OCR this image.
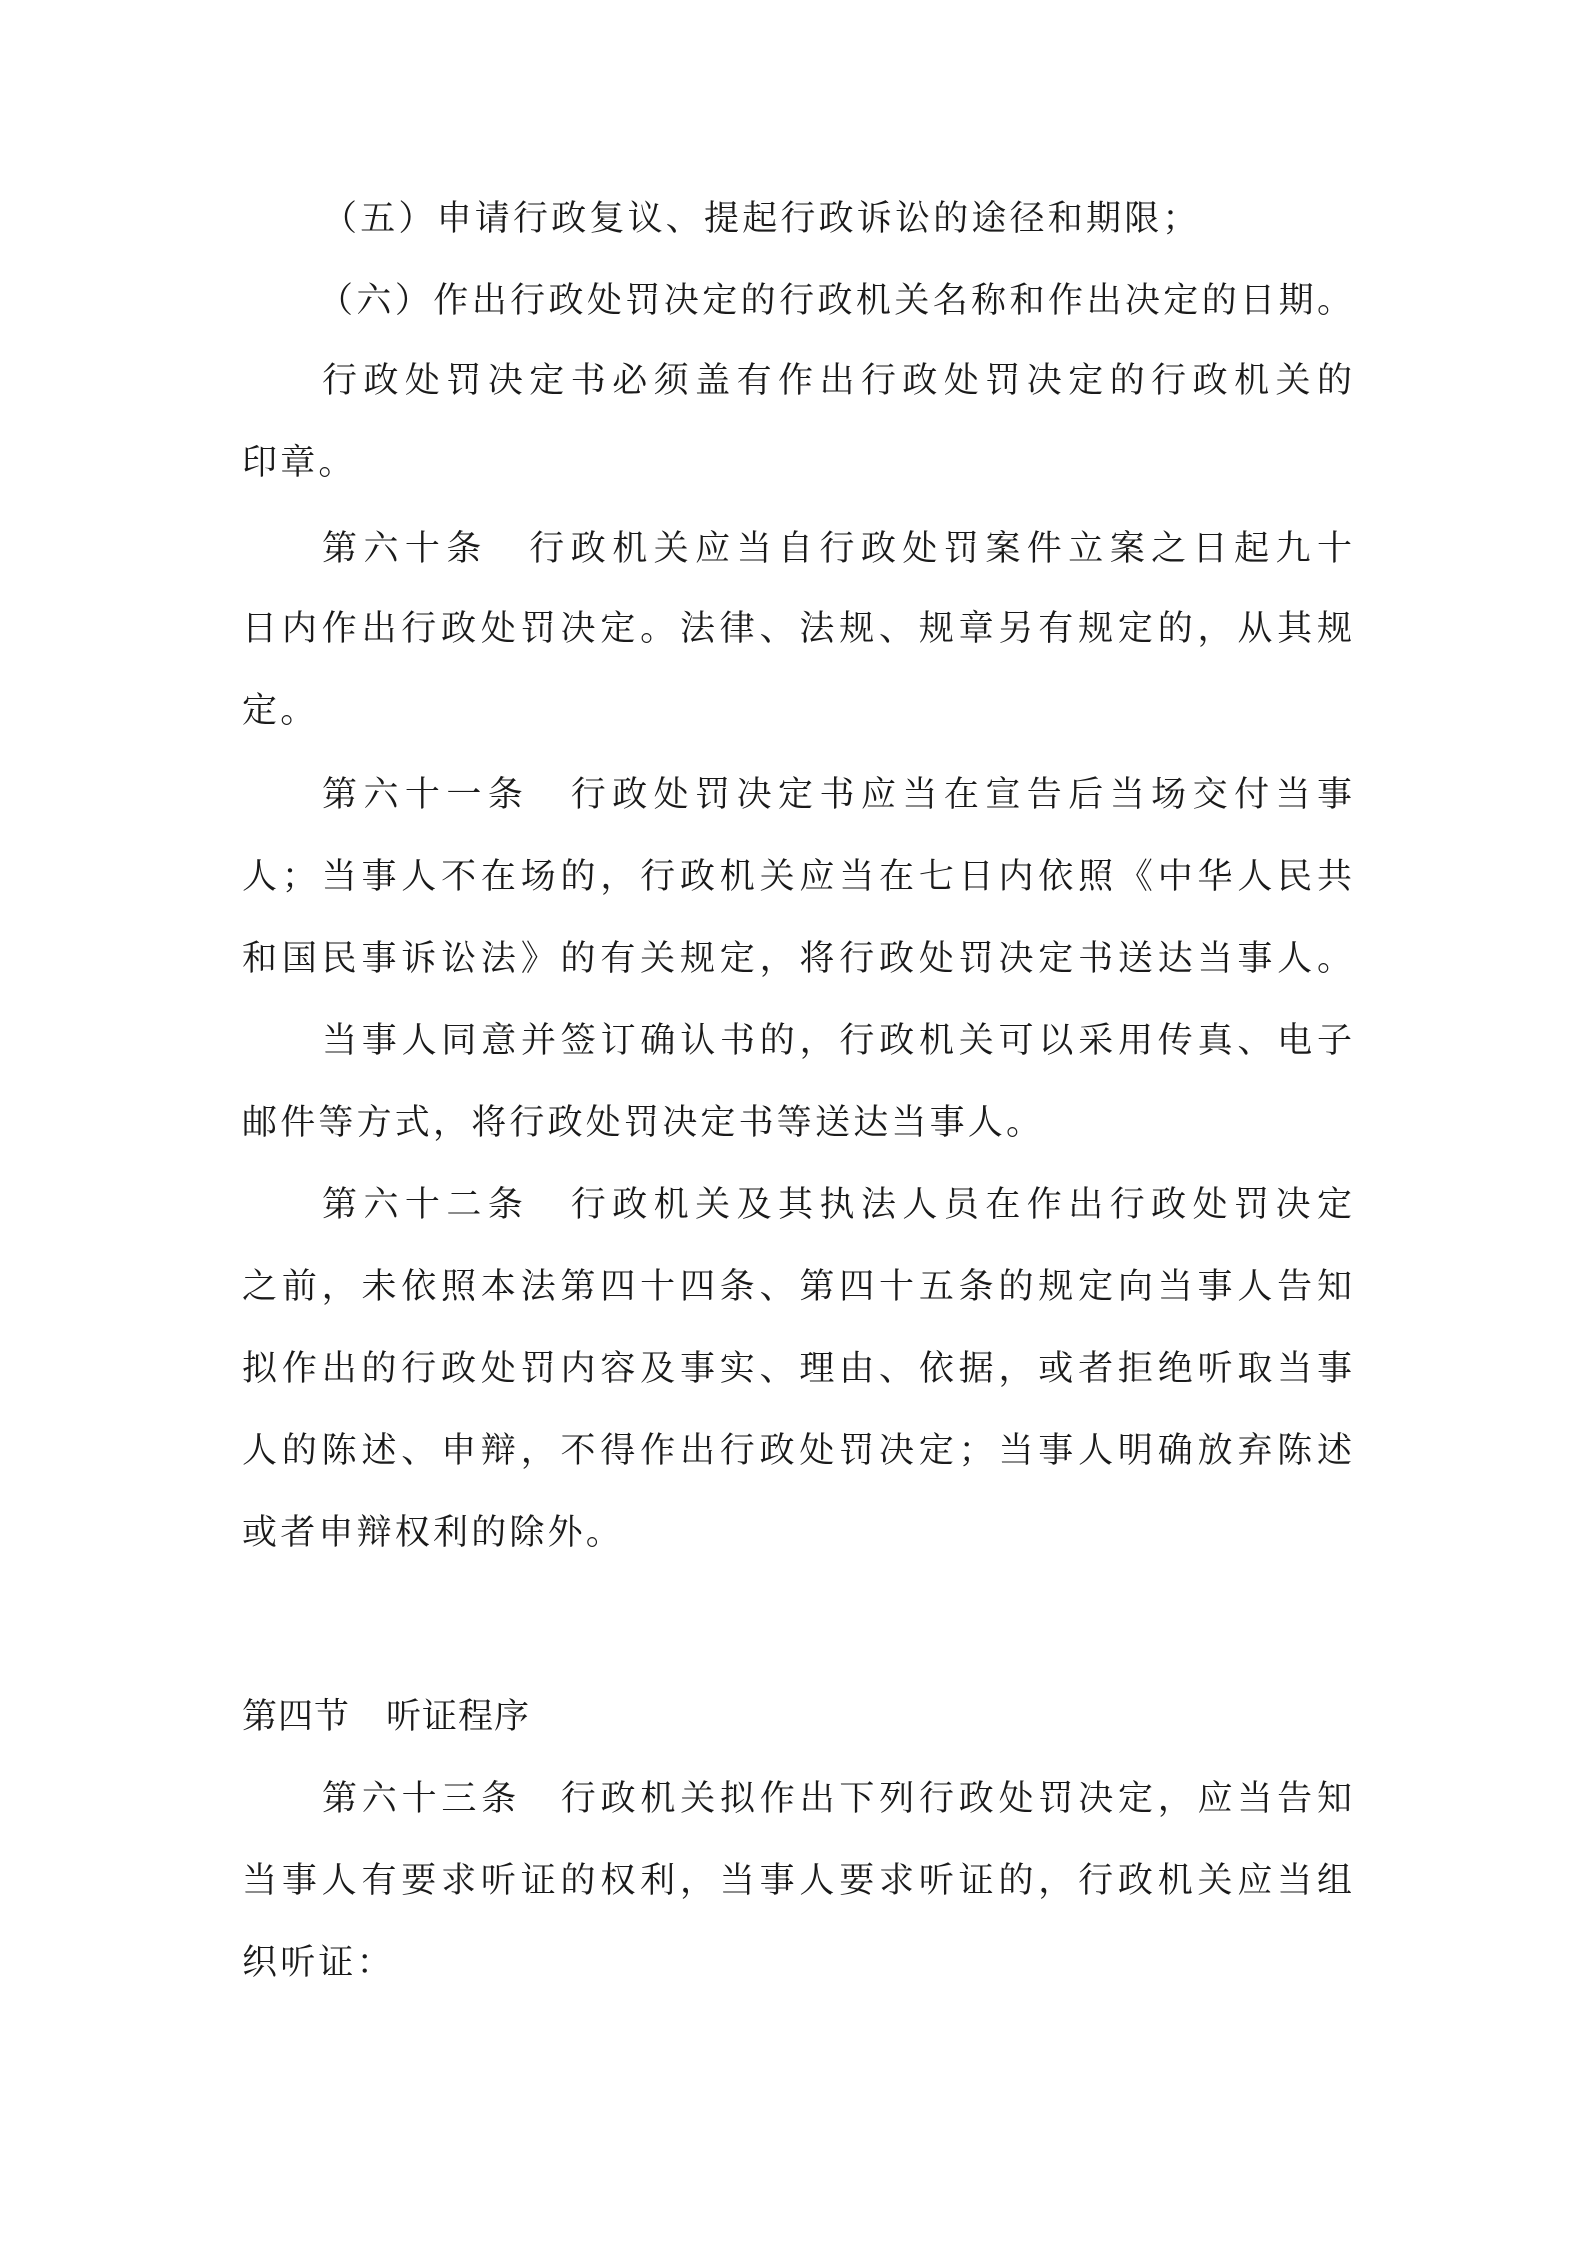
（五）申请行政复议、提起行政诉讼的途径和期限；
（六）作出行政处罚决定的行政机关名称和作出决定的日期。
行政处罚决定书必须盖有作出行政处罚决定的行政机关的
印章。
第六十条　行政机关应当自行政处罚案件立案之日起九十
日内作出行政处罚决定。法律、法规、规章另有规定的，从其规
定。
第六十一条　行政处罚决定书应当在宣告后当场交付当事
人；当事人不在场的，行政机关应当在七日内依照《中华人民共
和国民事诉讼法》的有关规定，将行政处罚决定书送达当事人。
当事人同意并签订确认书的，行政机关可以采用传真、电子
邮件等方式，将行政处罚决定书等送达当事人。
第六十二条　行政机关及其执法人员在作出行政处罚决定
之前，未依照本法第四十四条、第四十五条的规定向当事人告知
拟作出的行政处罚内容及事实、理由、依据，或者拒绝听取当事
人的陈述、申辩，不得作出行政处罚决定；当事人明确放弃陈述
或者申辩权利的除外。
第四节　听证程序
第六十三条　行政机关拟作出下列行政处罚决定，应当告知
当事人有要求听证的权利，当事人要求听证的，行政机关应当组
织听证：
